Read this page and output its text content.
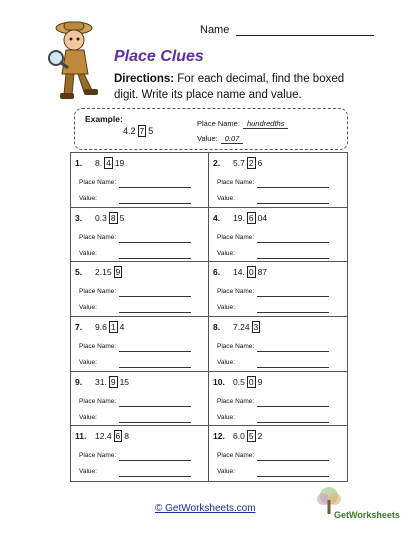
Name
Place Clues
Directions: For each decimal, find the boxed digit. Write its place name and value.
Example:
4.2 7 5
Place Name: hundredths
Value: 0.07
1. 8. 4 19
Place Name:
Value:
2. 5.7 2 6
Place Name:
Value:
3. 0.3 8 5
Place Name:
Value:
4. 19. 6 04
Place Name:
Value:
5. 2.15 9
Place Name:
Value:
6. 14. 0 87
Place Name:
Value:
7. 9.6 1 4
Place Name:
Value:
8. 7.24 3
Place Name:
Value:
9. 31. 9 15
Place Name:
Value:
10. 0.5 0 9
Place Name:
Value:
11. 12.4 6 8
Place Name:
Value:
12. 6.0 5 2
Place Name:
Value:
© GetWorksheets.com
GetWorksheets
